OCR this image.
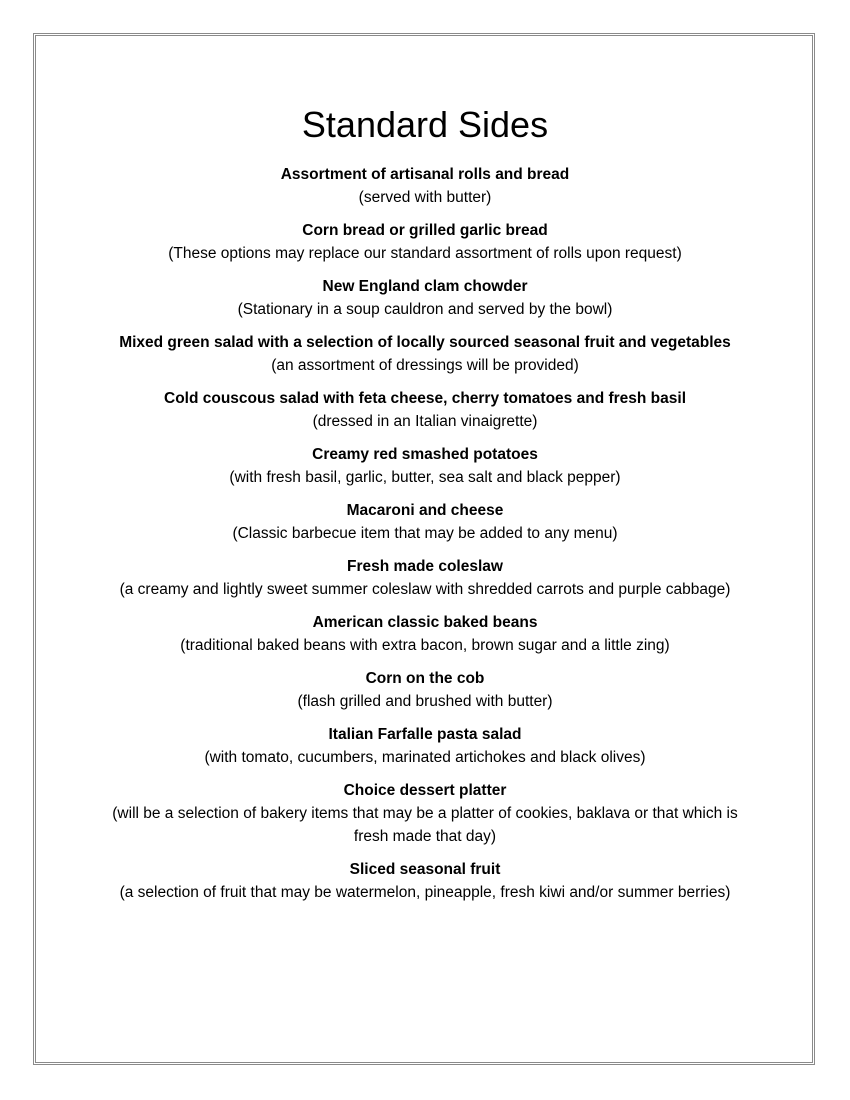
Standard Sides
Assortment of artisanal rolls and bread
(served with butter)
Corn bread or grilled garlic bread
(These options may replace our standard assortment of rolls upon request)
New England clam chowder
(Stationary in a soup cauldron and served by the bowl)
Mixed green salad with a selection of locally sourced seasonal fruit and vegetables
(an assortment of dressings will be provided)
Cold couscous salad with feta cheese, cherry tomatoes and fresh basil
(dressed in an Italian vinaigrette)
Creamy red smashed potatoes
(with fresh basil, garlic, butter, sea salt and black pepper)
Macaroni and cheese
(Classic barbecue item that may be added to any menu)
Fresh made coleslaw
(a creamy and lightly sweet summer coleslaw with shredded carrots and purple cabbage)
American classic baked beans
(traditional baked beans with extra bacon, brown sugar and a little zing)
Corn on the cob
(flash grilled and brushed with butter)
Italian Farfalle pasta salad
(with tomato, cucumbers, marinated artichokes and black olives)
Choice dessert platter
(will be a selection of bakery items that may be a platter of cookies, baklava or that which is fresh made that day)
Sliced seasonal fruit
(a selection of fruit that may be watermelon, pineapple, fresh kiwi and/or summer berries)
